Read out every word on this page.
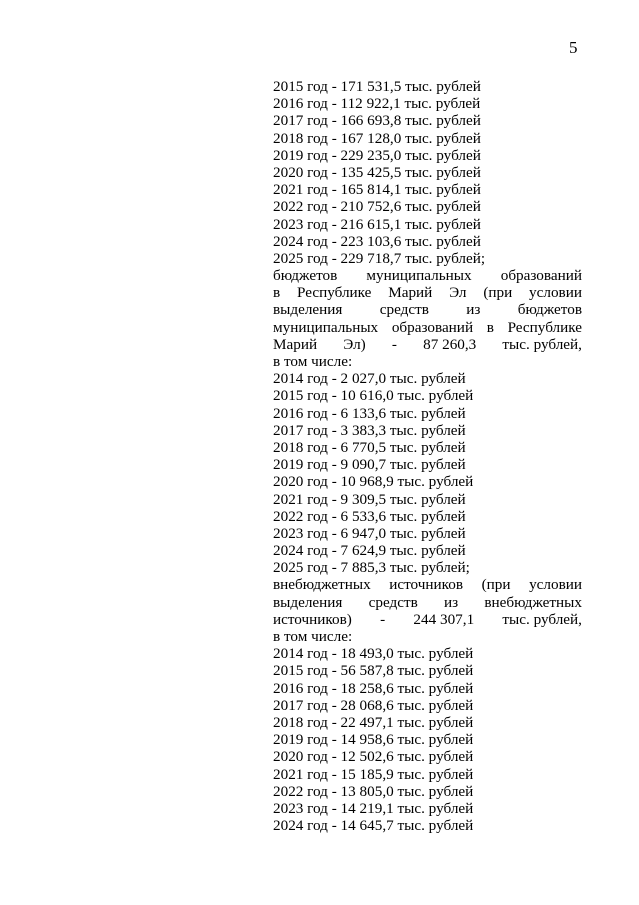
5
2015 год - 171 531,5 тыс. рублей
2016 год - 112 922,1 тыс. рублей
2017 год - 166 693,8 тыс. рублей
2018 год - 167 128,0 тыс. рублей
2019 год - 229 235,0 тыс. рублей
2020 год - 135 425,5 тыс. рублей
2021 год - 165 814,1 тыс. рублей
2022 год - 210 752,6 тыс. рублей
2023 год - 216 615,1 тыс. рублей
2024 год - 223 103,6 тыс. рублей
2025 год - 229 718,7 тыс. рублей;
бюджетов муниципальных образований
в Республике Марий Эл (при условии
выделения средств из бюджетов
муниципальных образований в Республике
Марий Эл) - 87 260,3 тыс. рублей,
в том числе:
2014 год - 2 027,0 тыс. рублей
2015 год - 10 616,0 тыс. рублей
2016 год - 6 133,6 тыс. рублей
2017 год - 3 383,3 тыс. рублей
2018 год - 6 770,5 тыс. рублей
2019 год - 9 090,7 тыс. рублей
2020 год - 10 968,9 тыс. рублей
2021 год - 9 309,5 тыс. рублей
2022 год - 6 533,6 тыс. рублей
2023 год - 6 947,0 тыс. рублей
2024 год - 7 624,9 тыс. рублей
2025 год - 7 885,3 тыс. рублей;
внебюджетных источников (при условии
выделения средств из внебюджетных
источников) - 244 307,1 тыс. рублей,
в том числе:
2014 год - 18 493,0 тыс. рублей
2015 год - 56 587,8 тыс. рублей
2016 год - 18 258,6 тыс. рублей
2017 год - 28 068,6 тыс. рублей
2018 год - 22 497,1 тыс. рублей
2019 год - 14 958,6 тыс. рублей
2020 год - 12 502,6 тыс. рублей
2021 год - 15 185,9 тыс. рублей
2022 год - 13 805,0 тыс. рублей
2023 год - 14 219,1 тыс. рублей
2024 год - 14 645,7 тыс. рублей
